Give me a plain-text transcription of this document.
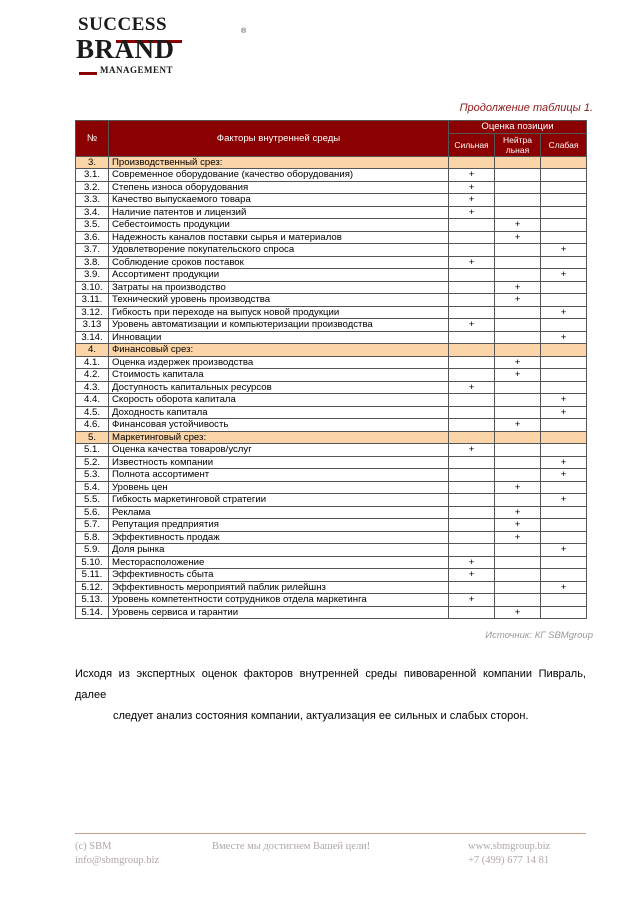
SUCCESS	®
BRAND
MANAGEMENT
Продолжение таблицы 1.
№	Факторы внутренней среды	Оценка позиции		
		Сильная	Нейтра льная	Слабая
3.	Производственный срез:			
3.1.	Современное оборудование (качество оборудования)	+		
3.2.	Степень износа оборудования	+		
3.3.	Качество выпускаемого товара	+		
3.4.	Наличие патентов и лицензий	+		
3.5.	Себестоимость продукции		+	
3.6.	Надежность каналов поставки сырья и материалов		+	
3.7.	Удовлетворение покупательского спроса			+
3.8.	Соблюдение сроков поставок	+		
3.9.	Ассортимент продукции			+
3.10.	Затраты на производство		+	
3.11.	Технический уровень производства		+	
3.12.	Гибкость при переходе на выпуск новой продукции			+
3.13	Уровень автоматизации и компьютеризации производства	+		
3.14.	Инновации			+
4.	Финансовый срез:			
4.1.	Оценка издержек производства		+	
4.2.	Стоимость капитала		+	
4.3.	Доступность капитальных ресурсов	+		
4.4.	Скорость оборота капитала			+
4.5.	Доходность капитала			+
4.6.	Финансовая устойчивость		+	
5.	Маркетинговый срез:			
5.1.	Оценка качества товаров/услуг	+		
5.2.	Известность компании			+
5.3.	Полнота ассортимент			+
5.4.	Уровень цен		+	
5.5.	Гибкость маркетинговой стратегии			+
5.6.	Реклама		+	
5.7.	Репутация предприятия		+	
5.8.	Эффективность продаж		+	
5.9.	Доля рынка			+
5.10.	Месторасположение	+		
5.11.	Эффективность сбыта	+		
5.12.	Эффективность мероприятий паблик рилейшнз			+
5.13.	Уровень компетентности сотрудников отдела маркетинга	+		
5.14.	Уровень сервиса и гарантии		+	
Источник: КГ SBMgroup
Исходя из экспертных оценок факторов внутренней среды пивоваренной компании Пивраль, далее
следует анализ состояния компании, актуализация ее сильных и слабых сторон.
(c) SBM
info@sbmgroup.biz
Вместе мы достигнем Вашей цели!	www.sbmgroup.biz
+7 (499) 677 14 81
